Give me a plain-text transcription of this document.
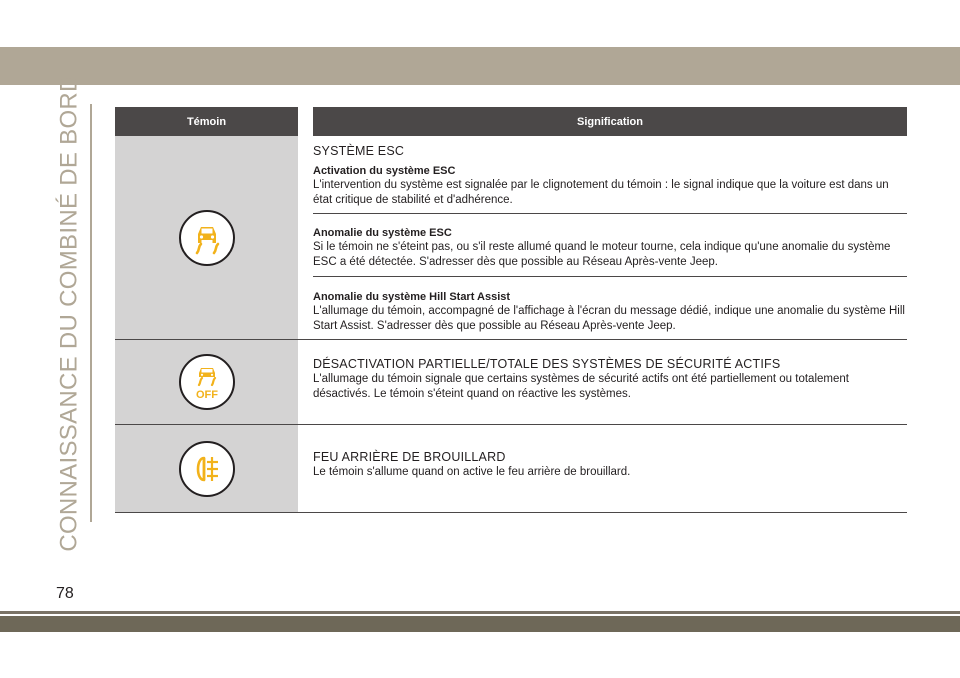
CONNAISSANCE DU COMBINÉ DE BORD	Témoin	Signification
SYSTÈME ESC
Activation du système ESC
L'intervention du système est signalée par le clignotement du témoin : le signal indique que la voiture est dans un état critique de stabilité et d'adhérence.
Anomalie du système ESC
Si le témoin ne s'éteint pas, ou s'il reste allumé quand le moteur tourne, cela indique qu'une anomalie du système ESC a été détectée. S'adresser dès que possible au Réseau Après-vente Jeep.
Anomalie du système Hill Start Assist
L'allumage du témoin, accompagné de l'affichage à l'écran du message dédié, indique une anomalie du système Hill Start Assist. S'adresser dès que possible au Réseau Après-vente Jeep.
OFF
DÉSACTIVATION PARTIELLE/TOTALE DES SYSTÈMES DE SÉCURITÉ ACTIFS
L'allumage du témoin signale que certains systèmes de sécurité actifs ont été partiellement ou totalement désactivés. Le témoin s'éteint quand on réactive les systèmes.
FEU ARRIÈRE DE BROUILLARD
Le témoin s'allume quand on active le feu arrière de brouillard.
78
